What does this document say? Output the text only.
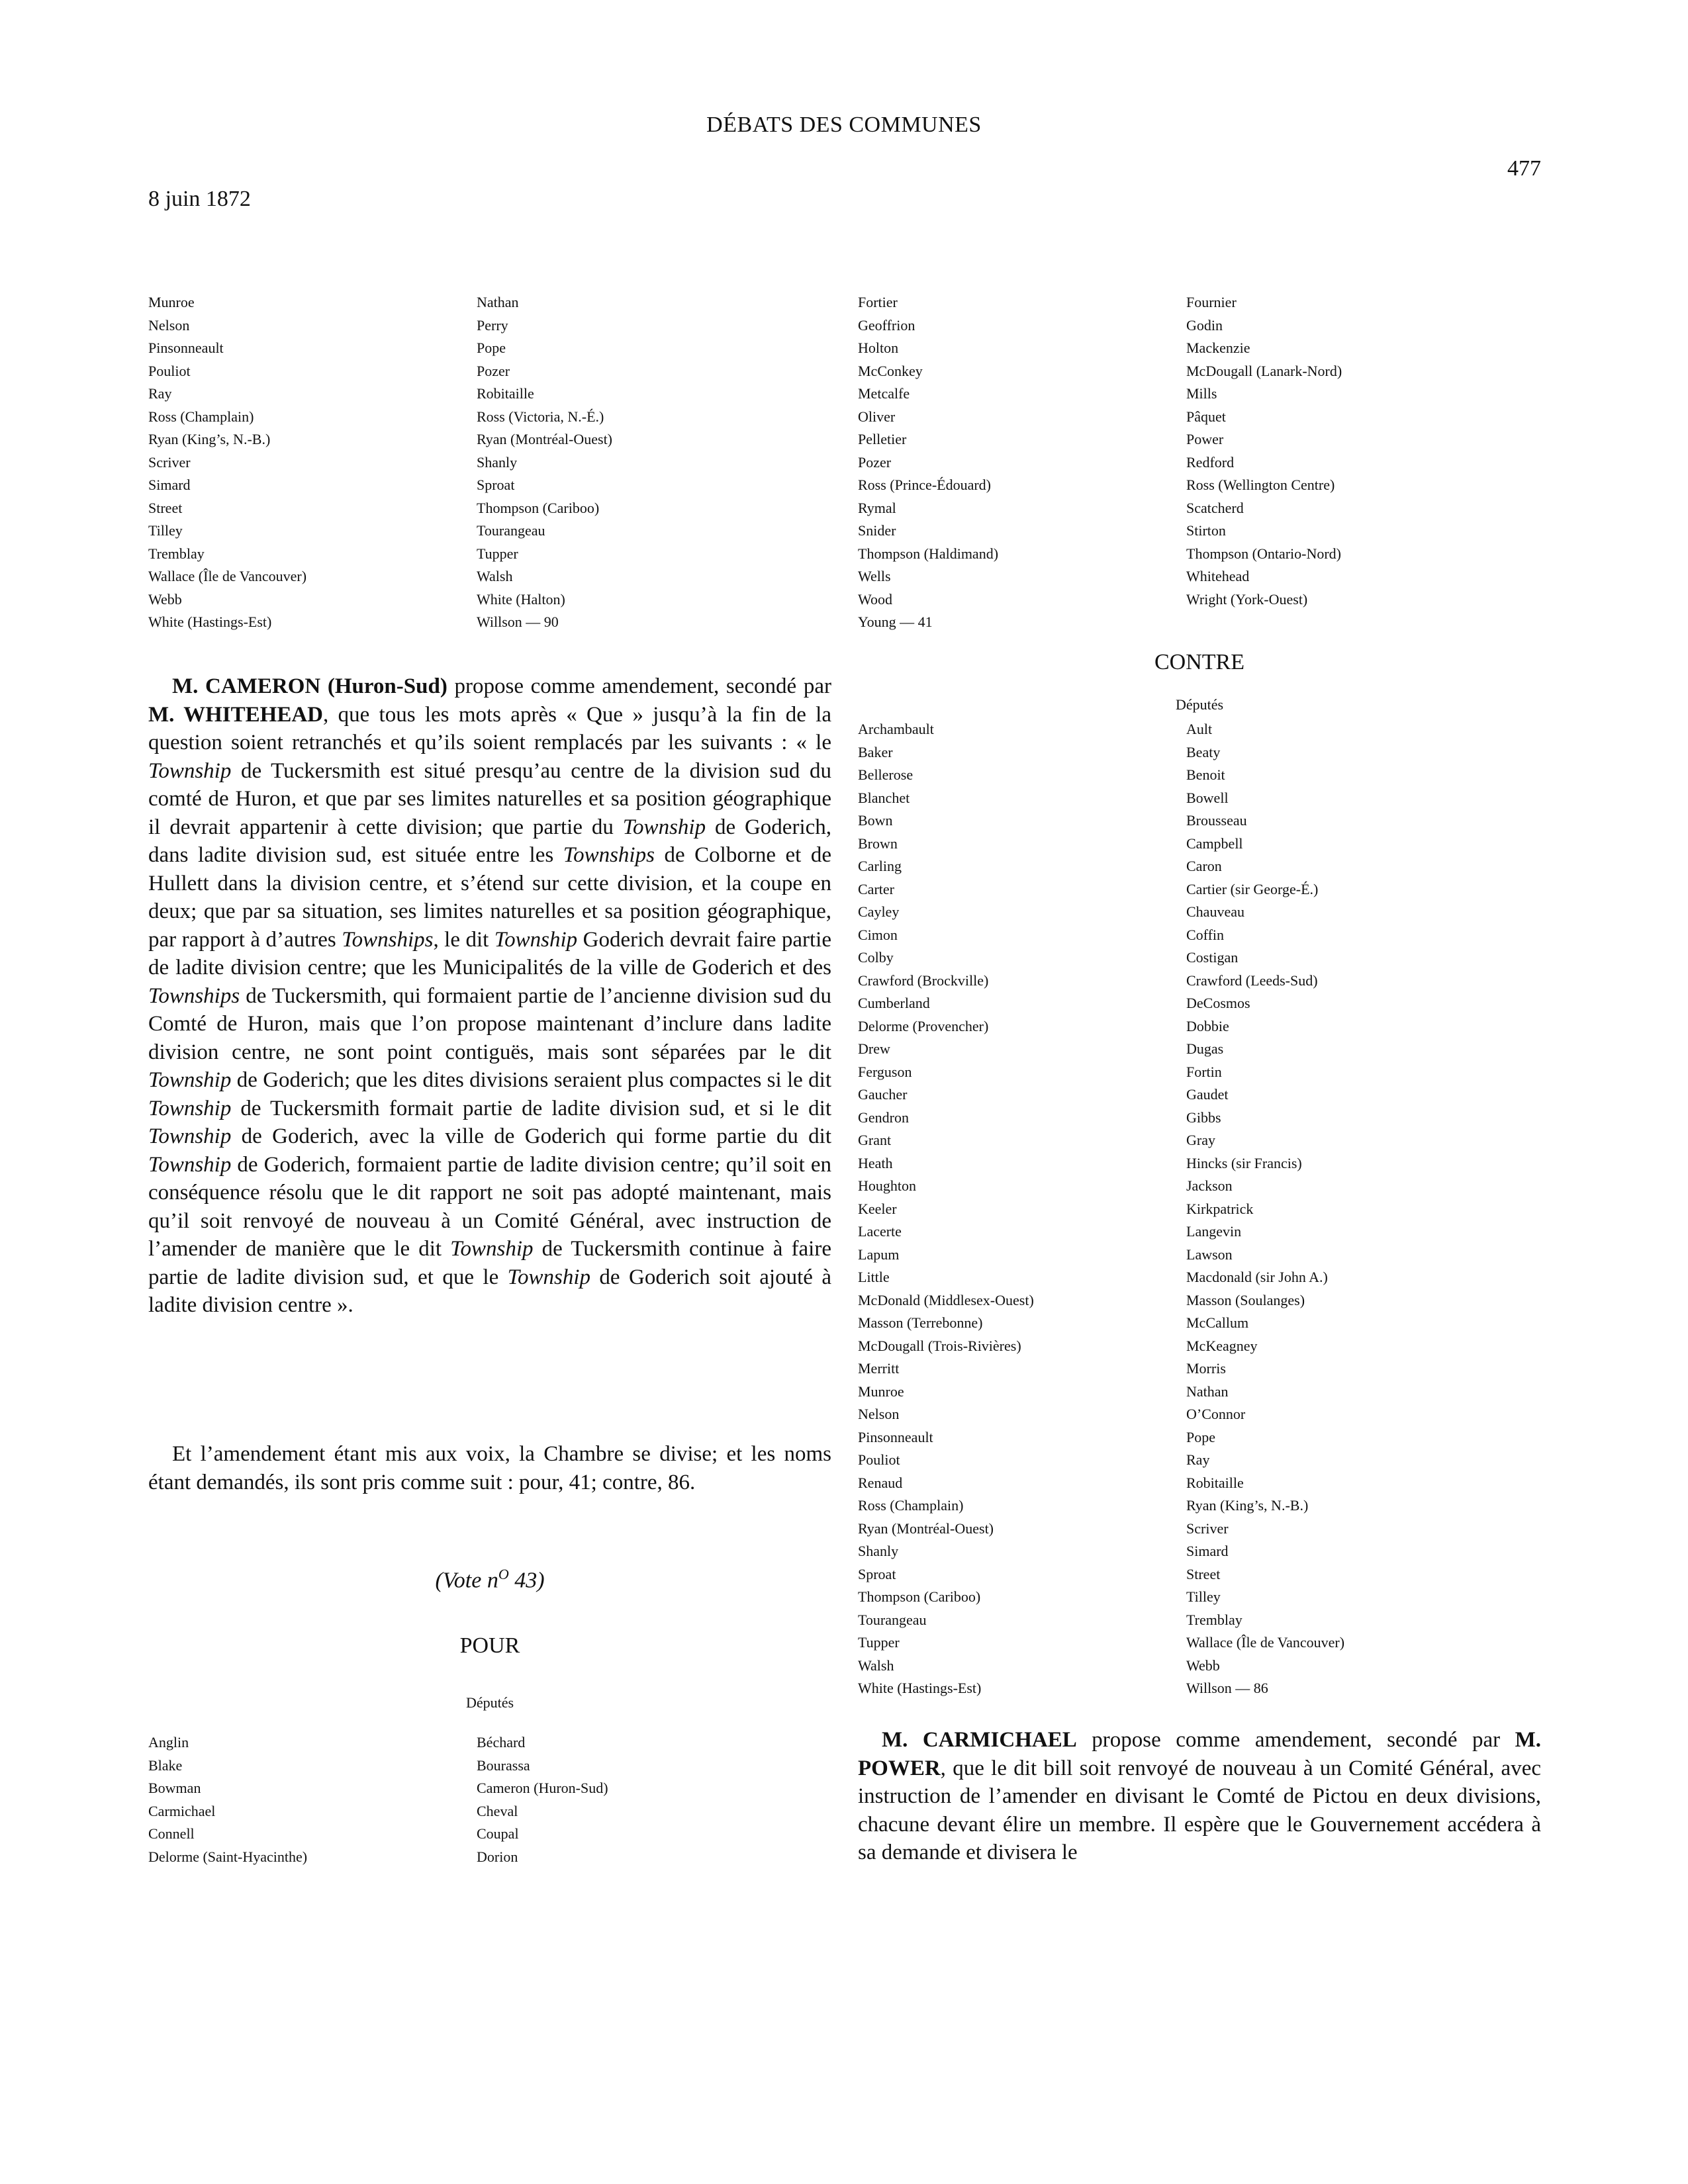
DÉBATS DES COMMUNES
477
8 juin 1872
Munroe
Nelson
Pinsonneault
Pouliot
Ray
Ross (Champlain)
Ryan (King’s, N.-B.)
Scriver
Simard
Street
Tilley
Tremblay
Wallace (Île de Vancouver)
Webb
White (Hastings-Est)
Nathan
Perry
Pope
Pozer
Robitaille
Ross (Victoria, N.-É.)
Ryan (Montréal-Ouest)
Shanly
Sproat
Thompson (Cariboo)
Tourangeau
Tupper
Walsh
White (Halton)
Willson — 90
Fortier
Geoffrion
Holton
McConkey
Metcalfe
Oliver
Pelletier
Pozer
Ross (Prince-Édouard)
Rymal
Snider
Thompson (Haldimand)
Wells
Wood
Young — 41
Fournier
Godin
Mackenzie
McDougall (Lanark-Nord)
Mills
Pâquet
Power
Redford
Ross (Wellington Centre)
Scatcherd
Stirton
Thompson (Ontario-Nord)
Whitehead
Wright (York-Ouest)

M. CAMERON (Huron-Sud) propose comme amendement, secondé par M. WHITEHEAD, que tous les mots après « Que » jusqu’à la fin de la question soient retranchés et qu’ils soient remplacés par les suivants : « le Township de Tuckersmith est situé presqu’au centre de la division sud du comté de Huron, et que par ses limites naturelles et sa position géographique il devrait appartenir à cette division; que partie du Township de Goderich, dans ladite division sud, est située entre les Townships de Colborne et de Hullett dans la division centre, et s’étend sur cette division, et la coupe en deux; que par sa situation, ses limites naturelles et sa position géographique, par rapport à d’autres Townships, le dit Township Goderich devrait faire partie de ladite division centre; que les Municipalités de la ville de Goderich et des Townships de Tuckersmith, qui formaient partie de l’ancienne division sud du Comté de Huron, mais que l’on propose maintenant d’inclure dans ladite division centre, ne sont point contiguës, mais sont séparées par le dit Township de Goderich; que les dites divisions seraient plus compactes si le dit Township de Tuckersmith formait partie de ladite division sud, et si le dit Township de Goderich, avec la ville de Goderich qui forme partie du dit Township de Goderich, formaient partie de ladite division centre; qu’il soit en conséquence résolu que le dit rapport ne soit pas adopté maintenant, mais qu’il soit renvoyé de nouveau à un Comité Général, avec instruction de l’amender de manière que le dit Township de Tuckersmith continue à faire partie de ladite division sud, et que le Township de Goderich soit ajouté à ladite division centre ».

Et l’amendement étant mis aux voix, la Chambre se divise; et les noms étant demandés, ils sont pris comme suit : pour, 41; contre, 86.

(Vote $n^O$ 43)

POUR

Députés

Anglin
Blake
Bowman
Carmichael
Connell
Delorme (Saint-Hyacinthe)
Béchard
Bourassa
Cameron (Huron-Sud)
Cheval
Coupal
Dorion

CONTRE

Députés

Archambault
Baker
Bellerose
Blanchet
Bown
Brown
Carling
Carter
Cayley
Cimon
Colby
Crawford (Brockville)
Cumberland
Delorme (Provencher)
Drew
Ferguson
Gaucher
Gendron
Grant
Heath
Houghton
Keeler
Lacerte
Lapum
Little
McDonald (Middlesex-Ouest)
Masson (Terrebonne)
McDougall (Trois-Rivières)
Merritt
Munroe
Nelson
Pinsonneault
Pouliot
Renaud
Ross (Champlain)
Ryan (Montréal-Ouest)
Shanly
Sproat
Thompson (Cariboo)
Tourangeau
Tupper
Walsh
White (Hastings-Est)
Ault
Beaty
Benoit
Bowell
Brousseau
Campbell
Caron
Cartier (sir George-É.)
Chauveau
Coffin
Costigan
Crawford (Leeds-Sud)
DeCosmos
Dobbie
Dugas
Fortin
Gaudet
Gibbs
Gray
Hincks (sir Francis)
Jackson
Kirkpatrick
Langevin
Lawson
Macdonald (sir John A.)
Masson (Soulanges)
McCallum
McKeagney
Morris
Nathan
O’Connor
Pope
Ray
Robitaille
Ryan (King’s, N.-B.)
Scriver
Simard
Street
Tilley
Tremblay
Wallace (Île de Vancouver)
Webb
Willson — 86

M. CARMICHAEL propose comme amendement, secondé par M. POWER, que le dit bill soit renvoyé de nouveau à un Comité Général, avec instruction de l’amender en divisant le Comté de Pictou en deux divisions, chacune devant élire un membre. Il espère que le Gouvernement accédera à sa demande et divisera le
